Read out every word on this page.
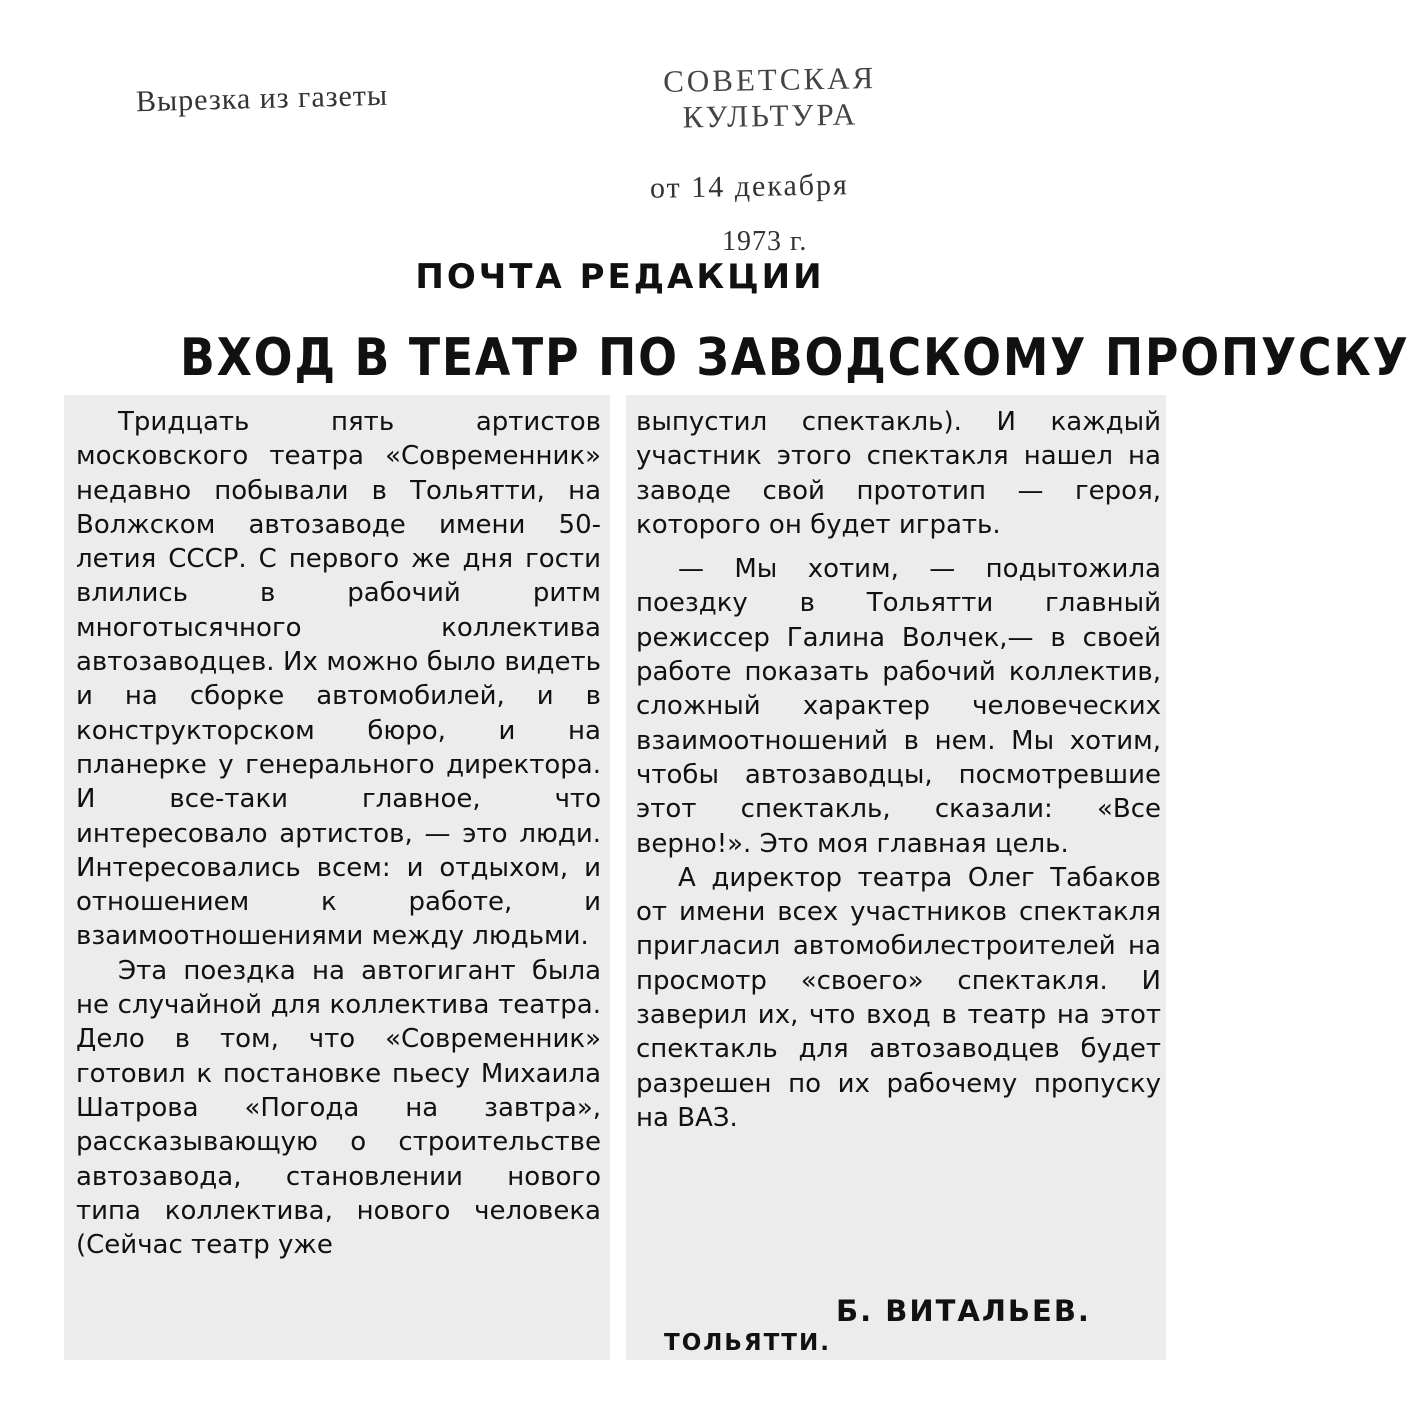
Вырезка из газеты	СОВЕТСКАЯ
КУЛЬТУРА
от 14 декабря
1973 г.
ПОЧТА РЕДАКЦИИ
ВХОД В ТЕАТР ПО ЗАВОДСКОМУ ПРОПУСКУ

Тридцать пять артистов московского театра «Современник» недавно побывали в Тольятти, на Волжском автозаводе имени 50-летия СССР. С первого же дня гости влились в рабочий ритм многотысячного коллектива автозаводцев. Их можно было видеть и на сборке автомобилей, и в конструкторском бюро, и на планерке у генерального директора. И все-таки главное, что интересовало артистов, — это люди. Интересовались всем: и отдыхом, и отношением к работе, и взаимоотношениями между людьми.

Эта поездка на автогигант была не случайной для коллектива театра. Дело в том, что «Современник» готовил к постановке пьесу Михаила Шатрова «Погода на завтра», рассказывающую о строительстве автозавода, становлении нового типа коллектива, нового человека (Сейчас театр уже

выпустил спектакль). И каждый участник этого спектакля нашел на заводе свой прототип — героя, которого он будет играть.

— Мы хотим, — подытожила поездку в Тольятти главный режиссер Галина Волчек,— в своей работе показать рабочий коллектив, сложный характер человеческих взаимоотношений в нем. Мы хотим, чтобы автозаводцы, посмотревшие этот спектакль, сказали: «Все верно!». Это моя главная цель.

А директор театра Олег Табаков от имени всех участников спектакля пригласил автомобилестроителей на просмотр «своего» спектакля. И заверил их, что вход в театр на этот спектакль для автозаводцев будет разрешен по их рабочему пропуску на ВАЗ.

Б. ВИТАЛЬЕВ.
ТОЛЬЯТТИ.
